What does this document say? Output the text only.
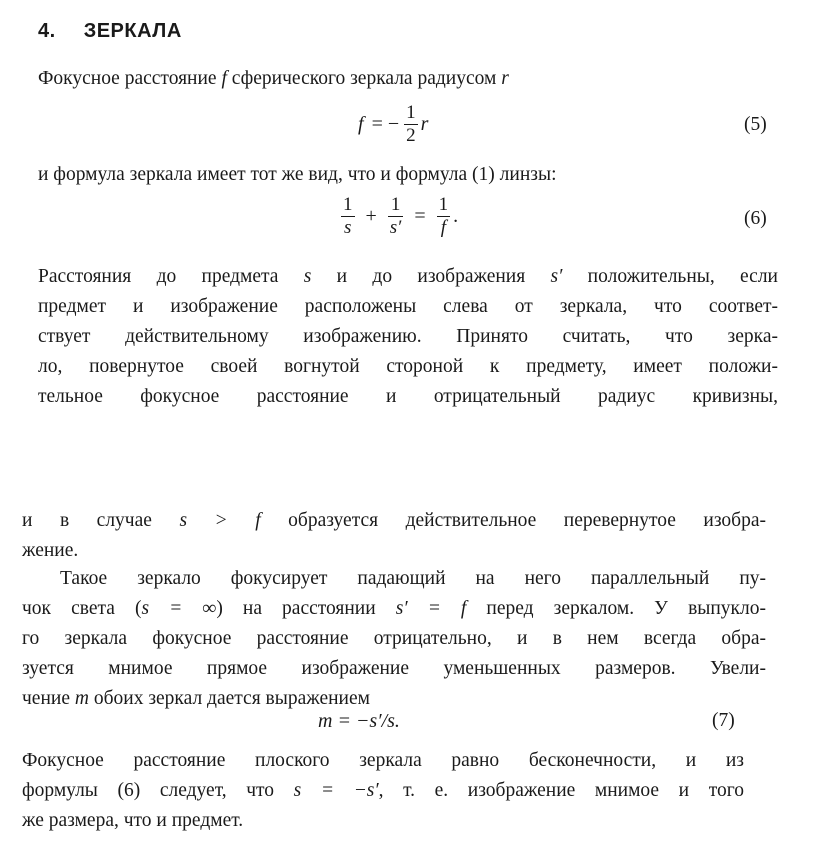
4. ЗЕРКАЛА
Фокусное расстояние f сферического зеркала радиусом r
f = − $\frac{1}{2}$ r	(5)
и формула зеркала имеет тот же вид, что и формула (1) линзы:
$\frac{1}{s} + \frac{1}{s'} = \frac{1}{f}$ .	(6)
Расстояния до предмета s и до изображения s′ положительны, если
предмет и изображение расположены слева от зеркала, что соответ-
ствует действительному изображению. Принято считать, что зерка-
ло, повернутое своей вогнутой стороной к предмету, имеет положи-
тельное фокусное расстояние и отрицательный радиус кривизны,
и в случае s > f образуется действительное перевернутое изобра-
жение.
Такое зеркало фокусирует падающий на него параллельный пу-
чок света (s = ∞) на расстоянии s′ = f перед зеркалом. У выпукло-
го зеркала фокусное расстояние отрицательно, и в нем всегда обра-
зуется мнимое прямое изображение уменьшенных размеров. Увели-
чение m обоих зеркал дается выражением
m = −s′/s.	(7)
Фокусное расстояние плоского зеркала равно бесконечности, и из
формулы (6) следует, что s = −s′, т. е. изображение мнимое и того
же размера, что и предмет.
